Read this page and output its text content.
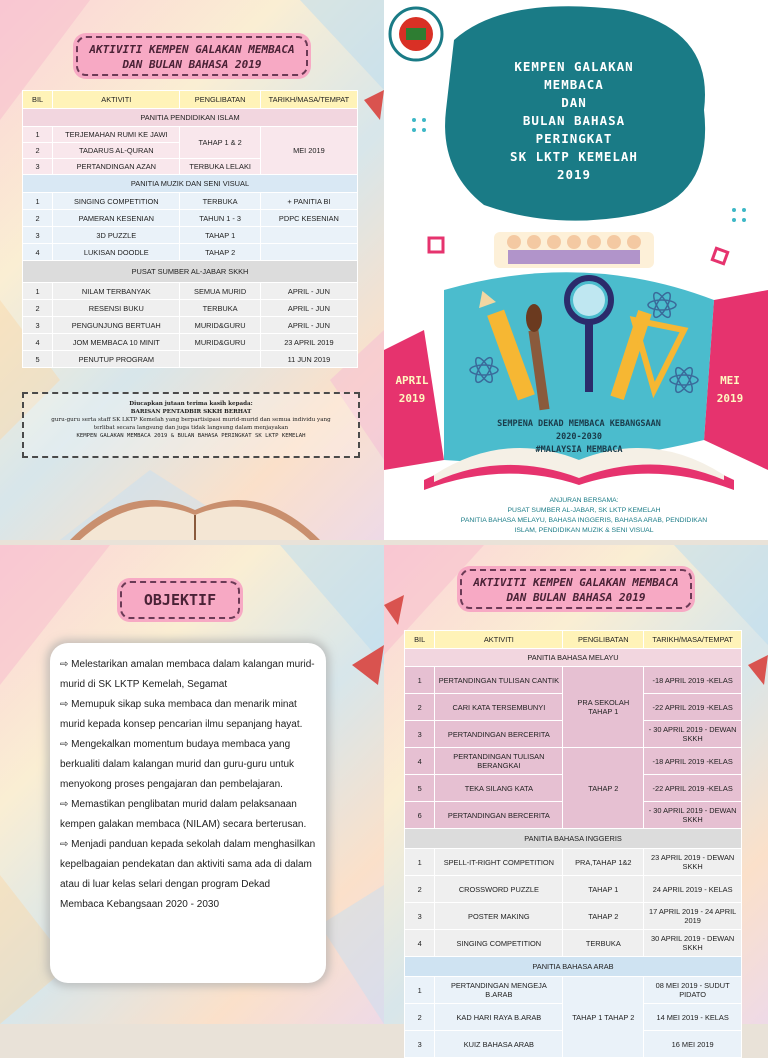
AKTIVITI KEMPEN GALAKAN MEMBACA
DAN BULAN BAHASA 2019
BIL	AKTIVITI	PENGLIBATAN	TARIKH/MASA/TEMPAT
PANITIA PENDIDIKAN ISLAM			
1	TERJEMAHAN RUMI KE JAWI	TAHAP 1 & 2	MEI 2019
2	TADARUS AL-QURAN		
3	PERTANDINGAN AZAN	TERBUKA LELAKI	
PANITIA MUZIK DAN SENI VISUAL			
1	SINGING COMPETITION	TERBUKA	+ PANITIA BI
2	PAMERAN KESENIAN	TAHUN 1 - 3	PDPC KESENIAN
3	3D PUZZLE	TAHAP 1	
4	LUKISAN DOODLE	TAHAP 2	
PUSAT SUMBER AL-JABAR SKKH			
1	NILAM TERBANYAK	SEMUA MURID	APRIL - JUN
2	RESENSI BUKU	TERBUKA	APRIL - JUN
3	PENGUNJUNG BERTUAH	MURID&GURU	APRIL - JUN
4	JOM MEMBACA 10 MINIT	MURID&GURU	23 APRIL 2019
5	PENUTUP PROGRAM		11 JUN 2019
Diucapkan jutaan terima kasih kepada:
BARISAN PENTADBIR SKKH BERHAT
guru-guru serta staff SK LKTP Kemelah yang berpartisipasi murid-murid dan semua individu yang
terlibat secara langsung dan juga tidak langsung dalam menjayakan
KEMPEN GALAKAN MEMBACA 2019 & BULAN BAHASA PERINGKAT SK LKTP KEMELAH
KEMPEN GALAKAN
MEMBACA
DAN
BULAN BAHASA
PERINGKAT
SK LKTP KEMELAH
2019
APRIL
2019
MEI
2019
SEMPENA DEKAD MEMBACA KEBANGSAAN
2020-2030
#MALAYSIA MEMBACA
ANJURAN BERSAMA:
PUSAT SUMBER AL-JABAR, SK LKTP KEMELAH
PANITIA BAHASA MELAYU, BAHASA INGGERIS, BAHASA ARAB, PENDIDIKAN
ISLAM, PENDIDIKAN MUZIK & SENI VISUAL
OBJEKTIF

⇨ Melestarikan amalan membaca dalam kalangan murid-murid di SK LKTP Kemelah, Segamat

⇨ Memupuk sikap suka membaca dan menarik minat murid kepada konsep pencarian ilmu sepanjang hayat.

⇨ Mengekalkan momentum budaya membaca yang berkualiti dalam kalangan murid dan guru-guru untuk menyokong proses pengajaran dan pembelajaran.

⇨ Memastikan penglibatan murid dalam pelaksanaan kempen galakan membaca (NILAM) secara berterusan.

⇨ Menjadi panduan kepada sekolah dalam menghasilkan kepelbagaian pendekatan dan aktiviti sama ada di dalam atau di luar kelas selari dengan program Dekad Membaca Kebangsaan 2020 - 2030

AKTIVITI KEMPEN GALAKAN MEMBACA
DAN BULAN BAHASA 2019
BIL	AKTIVITI	PENGLIBATAN	TARIKH/MASA/TEMPAT
PANITIA BAHASA MELAYU			
1	PERTANDINGAN TULISAN CANTIK	PRA SEKOLAH TAHAP 1	-18 APRIL 2019 -KELAS
2	CARI KATA TERSEMBUNYI		-22 APRIL 2019 -KELAS
3	PERTANDINGAN BERCERITA		- 30 APRIL 2019 - DEWAN SKKH
4	PERTANDINGAN TULISAN BERANGKAI	TAHAP 2	-18 APRIL 2019 -KELAS
5	TEKA SILANG KATA		-22 APRIL 2019 -KELAS
6	PERTANDINGAN BERCERITA		- 30 APRIL 2019 - DEWAN SKKH
PANITIA BAHASA INGGERIS			
1	SPELL-IT-RIGHT COMPETITION	PRA,TAHAP 1&2	23 APRIL 2019 - DEWAN SKKH
2	CROSSWORD PUZZLE	TAHAP 1	24 APRIL 2019 - KELAS
3	POSTER MAKING	TAHAP 2	17 APRIL 2019 - 24 APRIL 2019
4	SINGING COMPETITION	TERBUKA	30 APRIL 2019 - DEWAN SKKH
PANITIA BAHASA ARAB			
1	PERTANDINGAN MENGEJA B.ARAB	TAHAP 1 TAHAP 2	08 MEI 2019 - SUDUT PIDATO
2	KAD HARI RAYA B.ARAB		14 MEI 2019 - KELAS
3	KUIZ BAHASA ARAB		16 MEI 2019
